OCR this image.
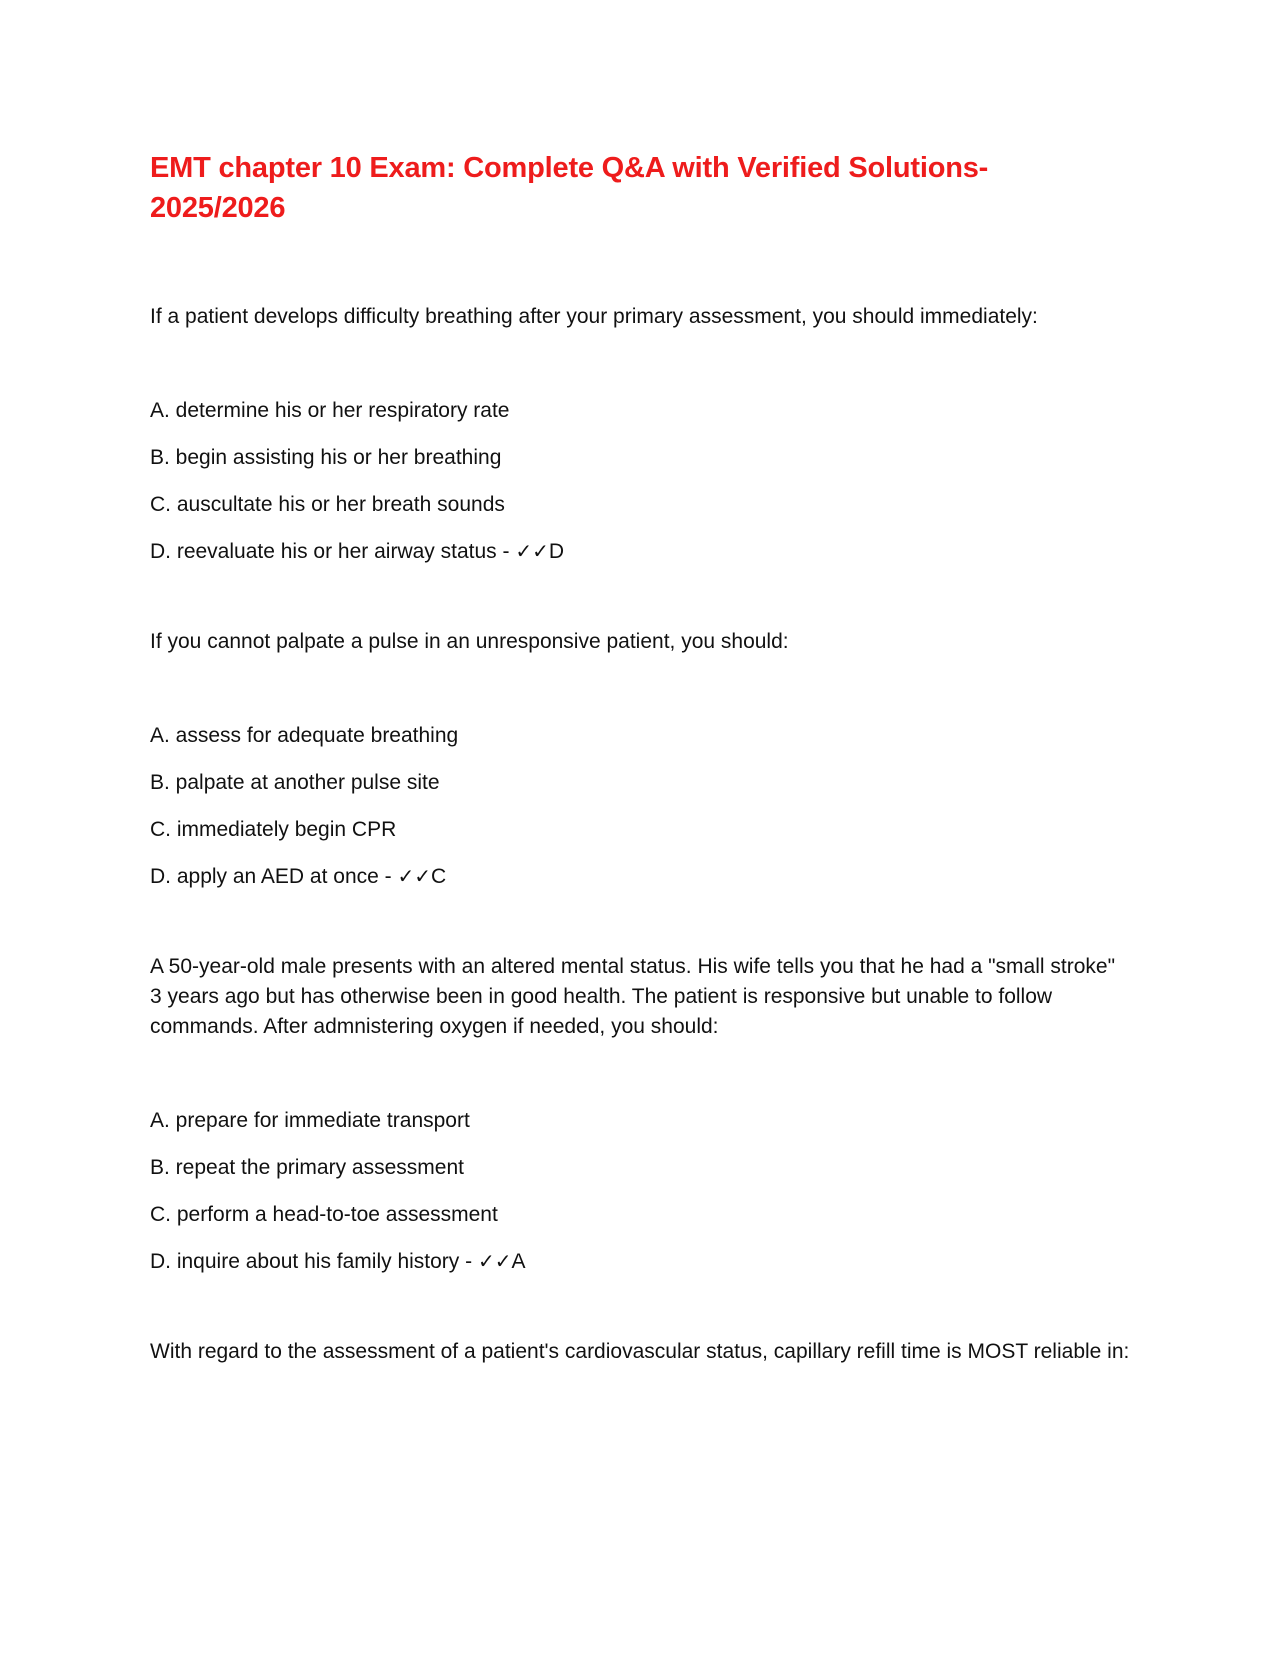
EMT chapter 10 Exam: Complete Q&A with Verified Solutions- 2025/2026

If a patient develops difficulty breathing after your primary assessment, you should immediately:

A. determine his or her respiratory rate
B. begin assisting his or her breathing
C. auscultate his or her breath sounds
D. reevaluate his or her airway status - ✓✓D

If you cannot palpate a pulse in an unresponsive patient, you should:

A. assess for adequate breathing
B. palpate at another pulse site
C. immediately begin CPR
D. apply an AED at once - ✓✓C

A 50-year-old male presents with an altered mental status. His wife tells you that he had a "small stroke" 3 years ago but has otherwise been in good health. The patient is responsive but unable to follow commands. After admnistering oxygen if needed, you should:

A. prepare for immediate transport
B. repeat the primary assessment
C. perform a head-to-toe assessment
D. inquire about his family history - ✓✓A

With regard to the assessment of a patient's cardiovascular status, capillary refill time is MOST reliable in:
